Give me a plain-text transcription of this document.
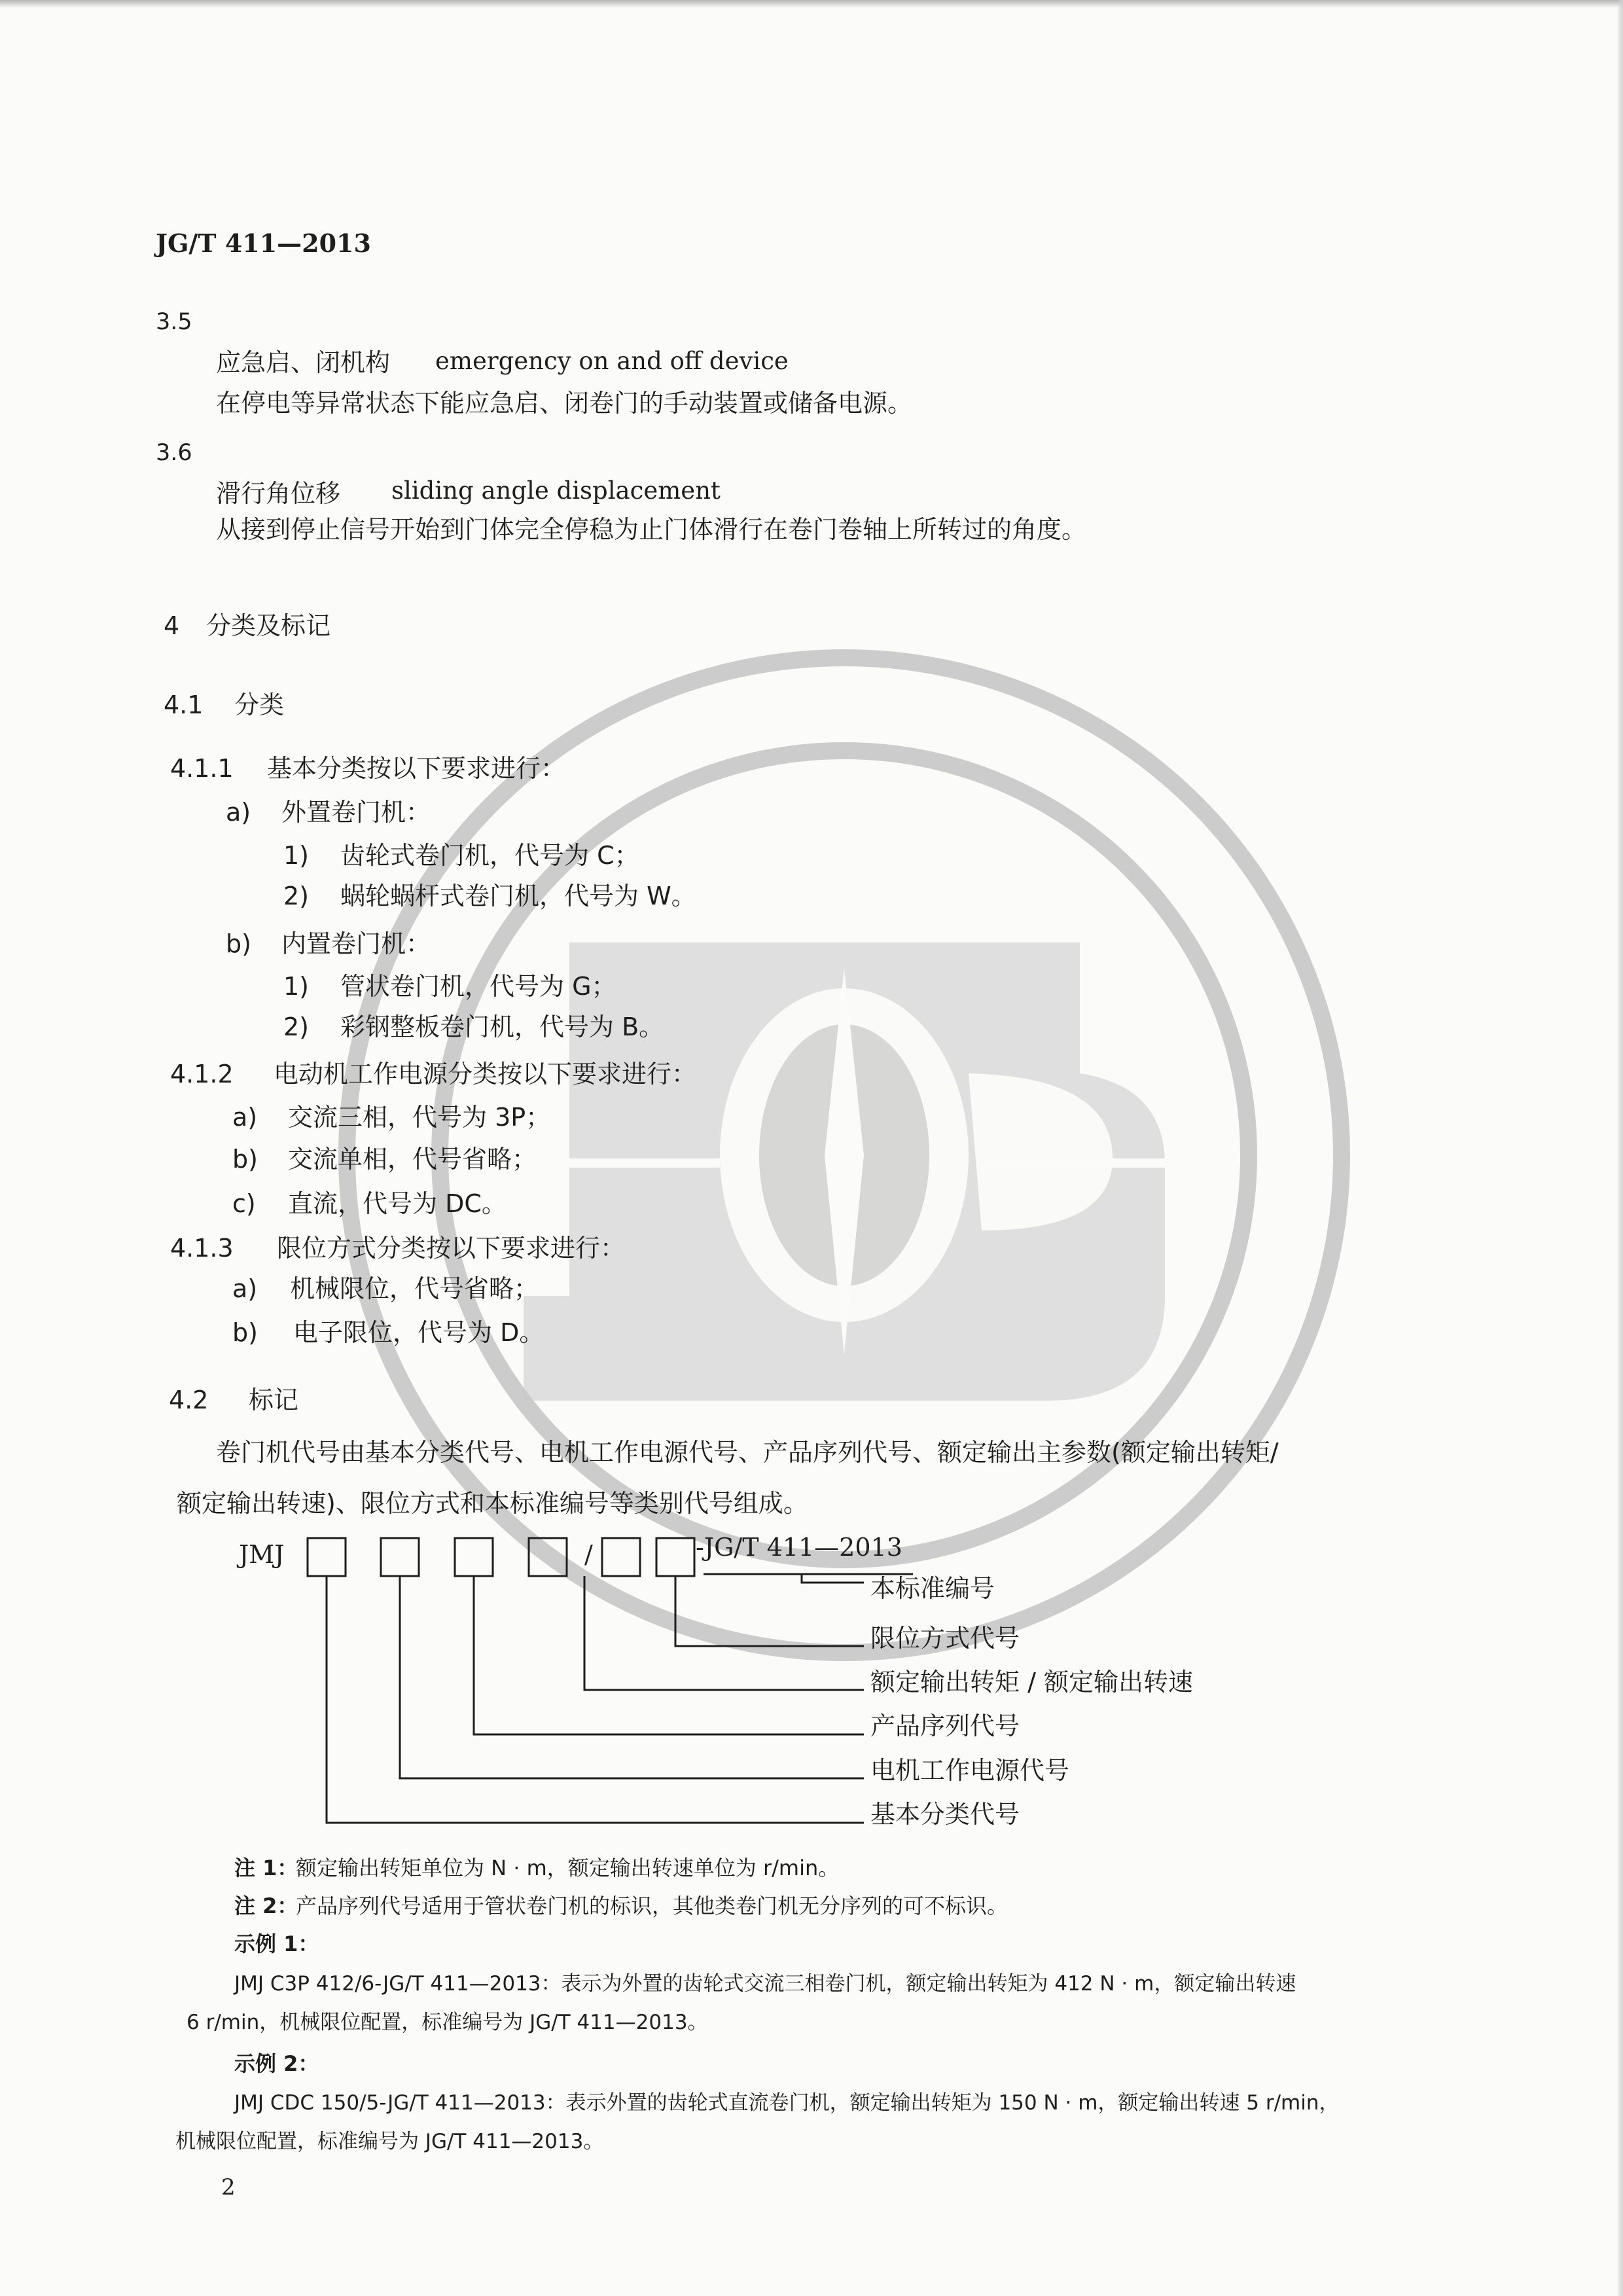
JG/T 411—2013
3.5
应急启、闭机构 emergency on and off device
在停电等异常状态下能应急启、闭卷门的手动装置或储备电源。
3.6
滑行角位移 sliding angle displacement
从接到停止信号开始到门体完全停稳为止门体滑行在卷门卷轴上所转过的角度。
4 分类及标记
4.1 分类
4.1.1 基本分类按以下要求进行：
a) 外置卷门机：
1) 齿轮式卷门机，代号为 C；
2) 蜗轮蜗杆式卷门机，代号为 W。
b) 内置卷门机：
1) 管状卷门机，代号为 G；
2) 彩钢整板卷门机，代号为 B。
4.1.2 电动机工作电源分类按以下要求进行：
a) 交流三相，代号为 3P；
b) 交流单相，代号省略；
c) 直流，代号为 DC。
4.1.3 限位方式分类按以下要求进行：
a) 机械限位，代号省略；
b) 电子限位，代号为 D。
4.2 标记
卷门机代号由基本分类代号、电机工作电源代号、产品序列代号、额定输出主参数(额定输出转矩/
额定输出转速)、限位方式和本标准编号等类别代号组成。
JMJ	/	-JG/T 411—2013
本标准编号
限位方式代号
额定输出转矩 / 额定输出转速
产品序列代号
电机工作电源代号
基本分类代号
注 1：
额定输出转矩单位为 N · m，额定输出转速单位为 r/min。
注 2：
产品序列代号适用于管状卷门机的标识，其他类卷门机无分序列的可不标识。
示例 1：
JMJ C3P 412/6-JG/T 411—2013：表示为外置的齿轮式交流三相卷门机，额定输出转矩为 412 N · m，额定输出转速
6 r/min，机械限位配置，标准编号为 JG/T 411—2013。
示例 2：
JMJ CDC 150/5-JG/T 411—2013：表示外置的齿轮式直流卷门机，额定输出转矩为 150 N · m，额定输出转速 5 r/min，
机械限位配置，标准编号为 JG/T 411—2013。
2
